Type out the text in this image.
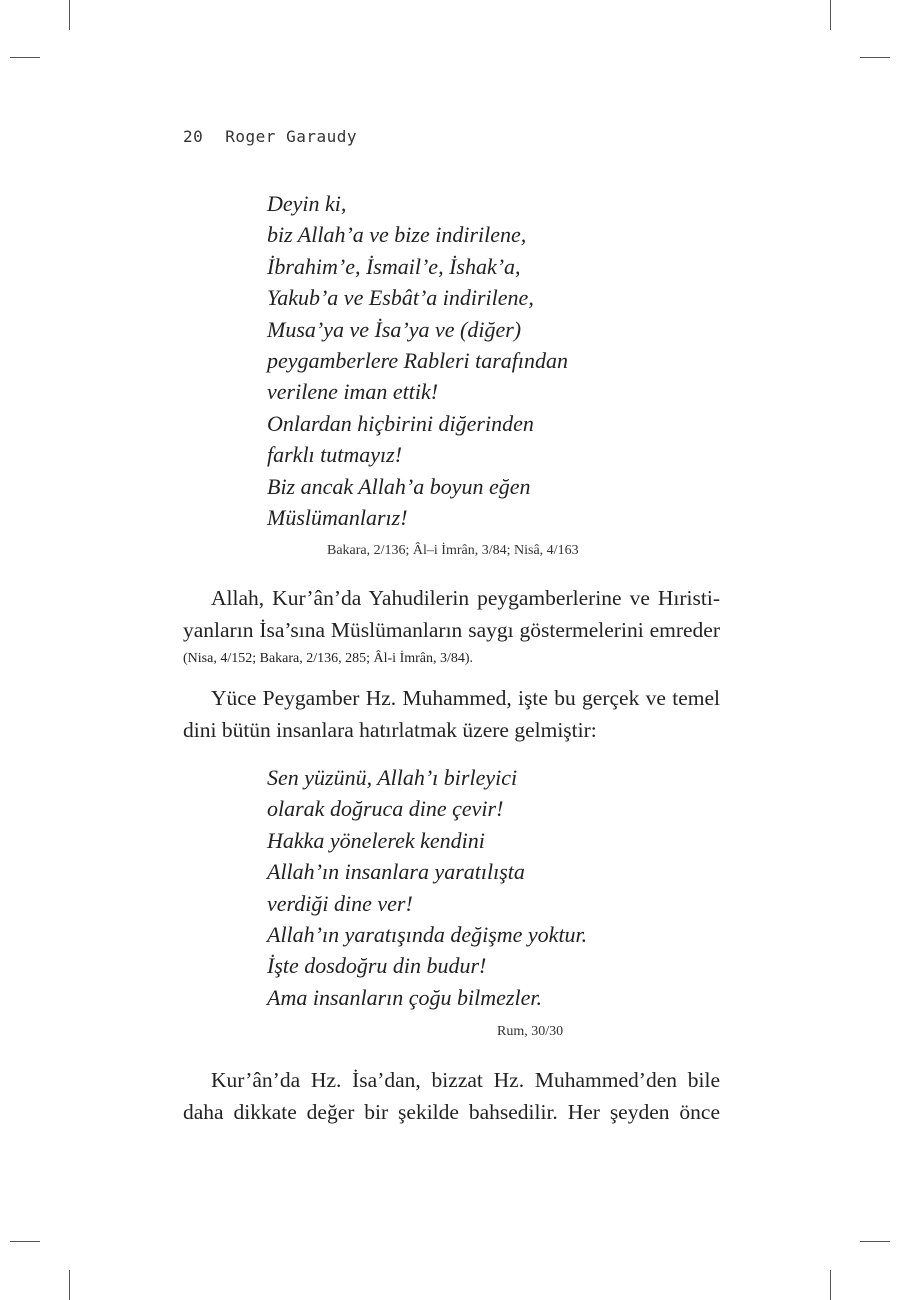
20 Roger Garaudy
Deyin ki,
biz Allah’a ve bize indirilene,
İbrahim’e, İsmail’e, İshak’a,
Yakub’a ve Esbât’a indirilene,
Musa’ya ve İsa’ya ve (diğer)
peygamberlere Rableri tarafından
verilene iman ettik!
Onlardan hiçbirini diğerinden
farklı tutmayız!
Biz ancak Allah’a boyun eğen
Müslümanlarız!
Bakara, 2/136; Âl–i İmrân, 3/84; Nisâ, 4/163
Allah, Kur’ân’da Yahudilerin peygamberlerine ve Hıristi-
yanların İsa’sına Müslümanların saygı göstermelerini emreder
(Nisa, 4/152; Bakara, 2/136, 285; Âl-i İmrân, 3/84).
Yüce Peygamber Hz. Muhammed, işte bu gerçek ve temel
dini bütün insanlara hatırlatmak üzere gelmiştir:
Sen yüzünü, Allah’ı birleyici
olarak doğruca dine çevir!
Hakka yönelerek kendini
Allah’ın insanlara yaratılışta
verdiği dine ver!
Allah’ın yaratışında değişme yoktur.
İşte dosdoğru din budur!
Ama insanların çoğu bilmezler.
Rum, 30/30
Kur’ân’da Hz. İsa’dan, bizzat Hz. Muhammed’den bile
daha dikkate değer bir şekilde bahsedilir. Her şeyden önce
